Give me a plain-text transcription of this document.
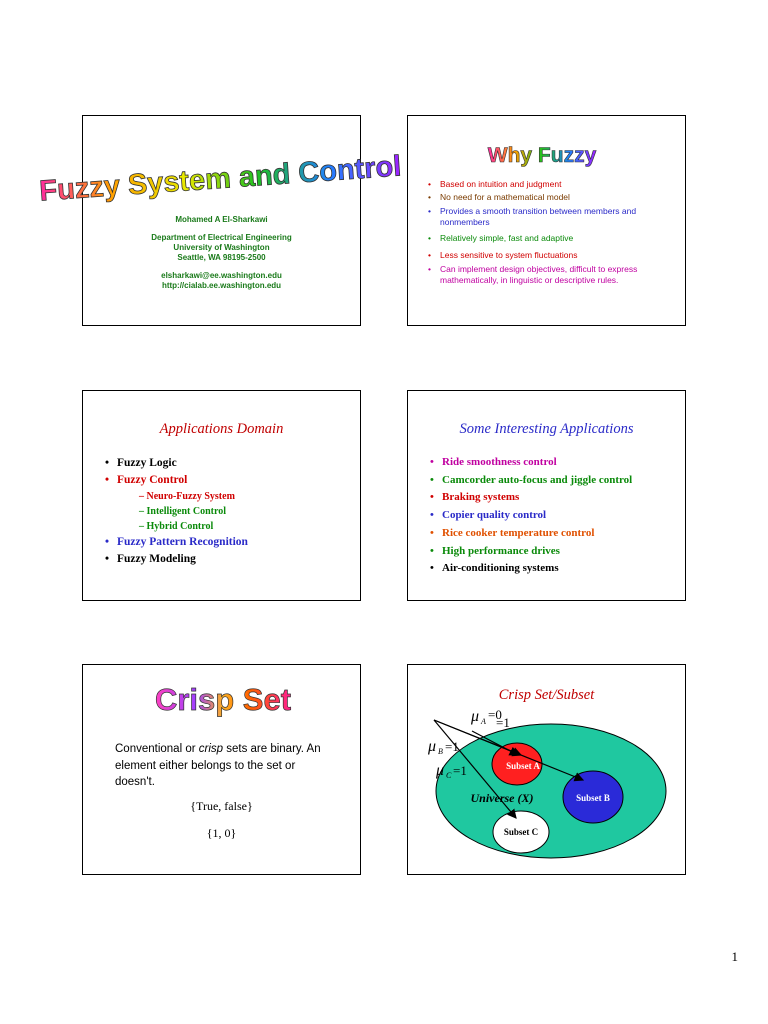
Fuzzy System and Control
Mohamed A El-Sharkawi
Department of Electrical Engineering
University of Washington
Seattle, WA 98195-2500
elsharkawi@ee.washington.edu
http://cialab.ee.washington.edu
Why Fuzzy
• Based on intuition and judgment
• No need for a mathematical model
• Provides a smooth transition between members and nonmembers
• Relatively simple, fast and adaptive
• Less sensitive to system fluctuations
• Can implement design objectives, difficult to express mathematically, in linguistic or descriptive rules.
Applications Domain
• Fuzzy Logic
• Fuzzy Control
– Neuro-Fuzzy System
– Intelligent Control
– Hybrid Control
• Fuzzy Pattern Recognition
• Fuzzy Modeling
Some Interesting Applications
• Ride smoothness control
• Camcorder auto-focus and jiggle control
• Braking systems
• Copier quality control
• Rice cooker temperature control
• High performance drives
• Air-conditioning systems
Crisp Set
Conventional or crisp sets are binary. An element either belongs to the set or doesn't.
{True, false}
{1, 0}
Crisp Set/Subset
Subset A
Subset B
Subset C
Universe (X)
μ A =0
=1
μ B =1
μ C =1
1
